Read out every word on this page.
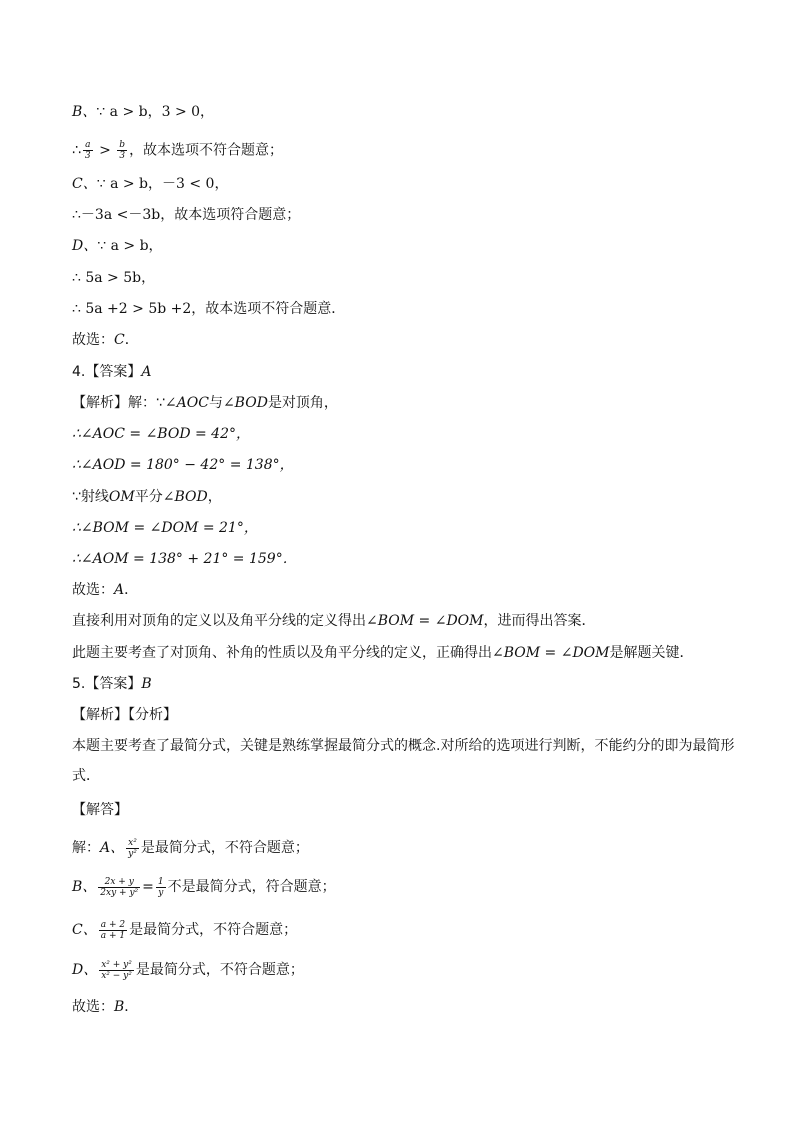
B、∵ a > b，3 > 0，
∴ $\frac{a}{3} > \frac{b}{3}$ ，故本选项不符合题意；
C、∵ a > b，－3 < 0，
∴－3a <－3b，故本选项符合题意；
D、∵ a > b，
∴ 5a > 5b，
∴ 5a +2 > 5b +2，故本选项不符合题意．
故选：C．
4.【答案】A
【解析】解：∵∠AOC与∠BOD是对顶角，
∴∠AOC = ∠BOD = 42°，
∴∠AOD = 180° − 42° = 138°，
∵射线OM平分∠BOD，
∴∠BOM = ∠DOM = 21°，
∴∠AOM = 138° + 21° = 159°．
故选：A．
直接利用对顶角的定义以及角平分线的定义得出∠BOM = ∠DOM，进而得出答案．
此题主要考查了对顶角、补角的性质以及角平分线的定义，正确得出∠BOM = ∠DOM是解题关键．
5.【答案】B
【解析】【分析】
本题主要考查了最简分式，关键是熟练掌握最简分式的概念.对所给的选项进行判断，不能约分的即为最简形式．
【解答】
解：A、 $\frac{\text{x²}}{\text{y²}}$ 是最简分式，不符合题意；
B、 $\frac{2x + y}{\text{2xy + y²}} = \frac{1}{y}$ 不是最简分式，符合题意；
C、 $\frac{a + 2}{a + 1}$ 是最简分式，不符合题意；
D、 $\frac{\text{x² + y²}}{\text{x² − y²}}$ 是最简分式，不符合题意；
故选：B．
